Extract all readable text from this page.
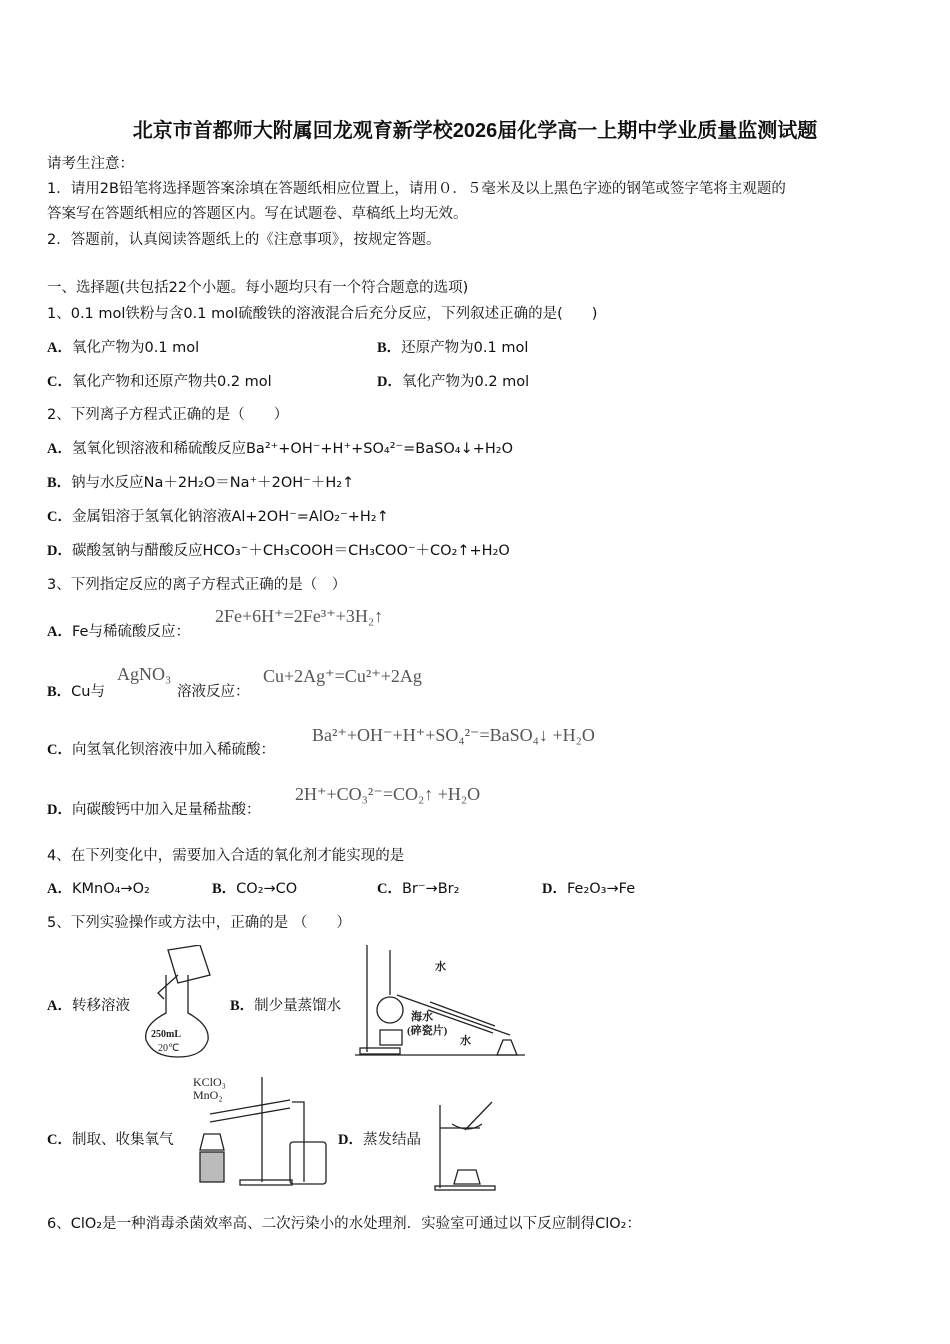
北京市首都师大附属回龙观育新学校2026届化学高一上期中学业质量监测试题
请考生注意：
1．请用2B铅笔将选择题答案涂填在答题纸相应位置上，请用０．５毫米及以上黑色字迹的钢笔或签字笔将主观题的
答案写在答题纸相应的答题区内。写在试题卷、草稿纸上均无效。
2．答题前，认真阅读答题纸上的《注意事项》，按规定答题。
一、选择题(共包括22个小题。每小题均只有一个符合题意的选项)
1、0.1 mol铁粉与含0.1 mol硫酸铁的溶液混合后充分反应，下列叙述正确的是(　　)
A．氧化产物为0.1 mol	B．还原产物为0.1 mol
C．氧化产物和还原产物共0.2 mol	D．氧化产物为0.2 mol
2、下列离子方程式正确的是（　　）
A．氢氧化钡溶液和稀硫酸反应Ba²⁺+OH⁻+H⁺+SO₄²⁻=BaSO₄↓+H₂O
B．钠与水反应Na＋2H₂O＝Na⁺＋2OH⁻＋H₂↑
C．金属铝溶于氢氧化钠溶液Al+2OH⁻=AlO₂⁻+H₂↑
D．碳酸氢钠与醋酸反应HCO₃⁻＋CH₃COOH＝CH₃COO⁻＋CO₂↑+H₂O
3、下列指定反应的离子方程式正确的是（　）
A．Fe与稀硫酸反应：
2Fe+6H⁺=2Fe³⁺+3H₂↑
B．Cu与
AgNO₃
溶液反应：
Cu+2Ag⁺=Cu²⁺+2Ag
C．向氢氧化钡溶液中加入稀硫酸：
Ba²⁺+OH⁻+H⁺+SO₄²⁻=BaSO₄↓ +H₂O
D．向碳酸钙中加入足量稀盐酸：
2H⁺+CO₃²⁻=CO₂↑ +H₂O
4、在下列变化中，需要加入合适的氧化剂才能实现的是
A．KMnO₄→O₂	B．CO₂→CO	C．Br⁻→Br₂	D．Fe₂O₃→Fe
5、下列实验操作或方法中，正确的是 （　　）
A．转移溶液	B．制少量蒸馏水
C．制取、收集氧气	D．蒸发结晶
250mL
20℃
水
海水
(碎瓷片)
水
KClO₃
MnO₂
6、ClO₂是一种消毒杀菌效率高、二次污染小的水处理剂．实验室可通过以下反应制得ClO₂：
